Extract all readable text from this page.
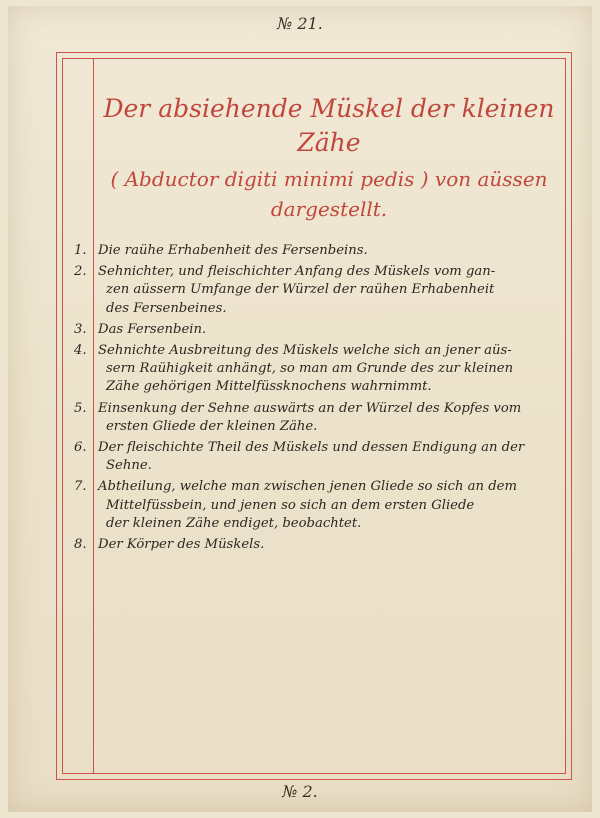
№ 21.
Der absiehende Müskel der kleinen Zähe
( Abductor digiti minimi pedis ) von aüssen
dargestellt.
1. Die raühe Erhabenheit des Fersenbeins.
2. Sehnichter, und fleischichter Anfang des Müskels vom gan-
zen aüssern Umfange der Würzel der raühen Erhabenheit
des Fersenbeines.
3. Das Fersenbein.
4. Sehnichte Ausbreitung des Müskels welche sich an jener aüs-
sern Raühigkeit anhängt, so man am Grunde des zur kleinen
Zähe gehörigen Mittelfüssknochens wahrnimmt.
5. Einsenkung der Sehne auswärts an der Würzel des Kopfes vom
ersten Gliede der kleinen Zähe.
6. Der fleischichte Theil des Müskels und dessen Endigung an der
Sehne.
7. Abtheilung, welche man zwischen jenen Gliede so sich an dem
Mittelfüssbein, und jenen so sich an dem ersten Gliede
der kleinen Zähe endiget, beobachtet.
8. Der Körper des Müskels.
№ 2.
